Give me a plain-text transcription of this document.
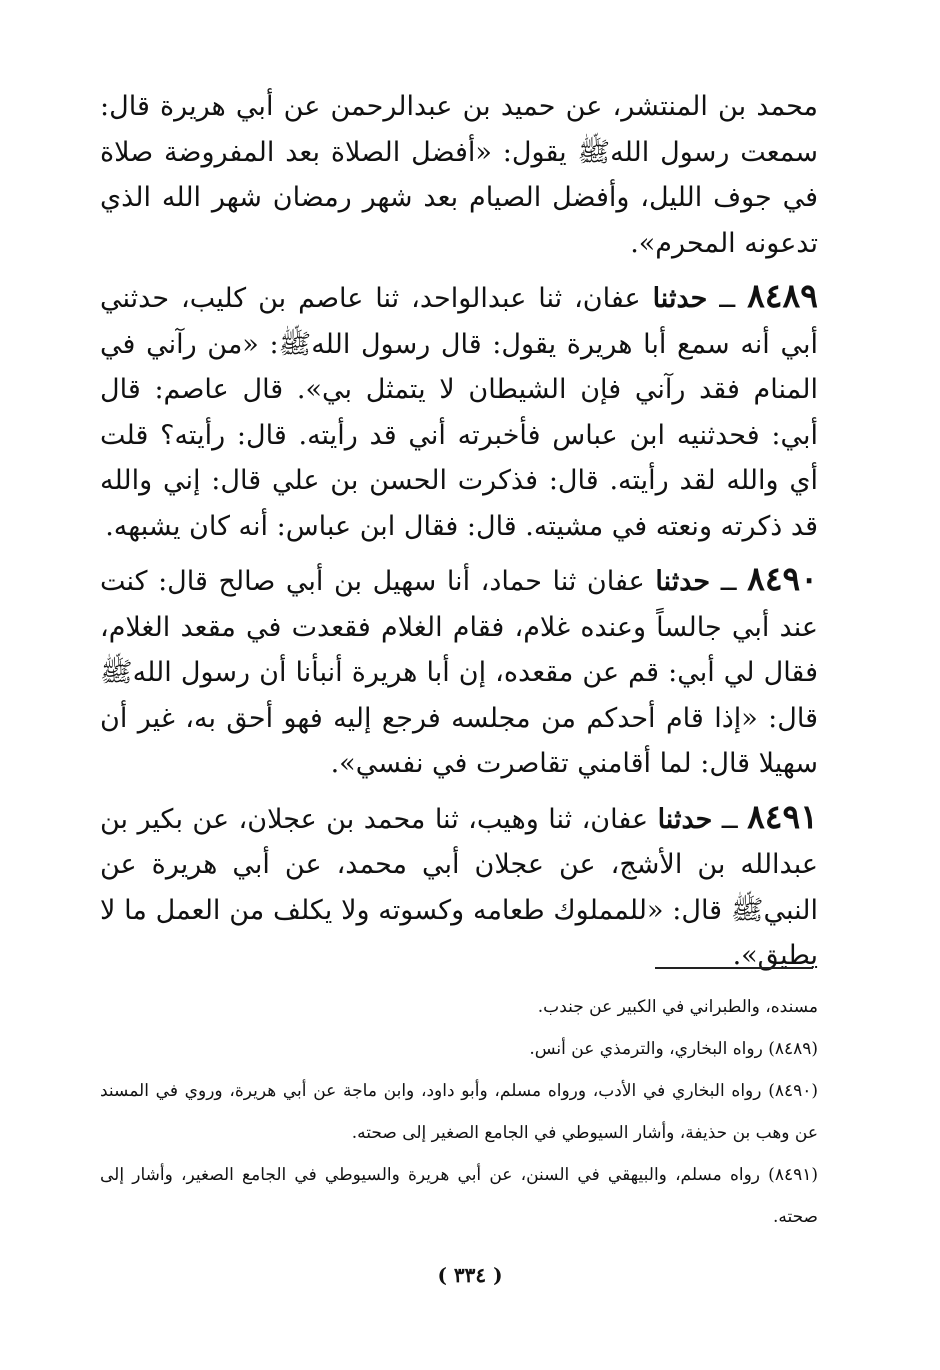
محمد بن المنتشر، عن حميد بن عبدالرحمن عن أبي هريرة قال: سمعت رسول اللهﷺ يقول: «أفضل الصلاة بعد المفروضة صلاة في جوف الليل، وأفضل الصيام بعد شهر رمضان شهر الله الذي تدعونه المحرم».

٨٤٨٩ ــ حدثنا عفان، ثنا عبدالواحد، ثنا عاصم بن كليب، حدثني أبي أنه سمع أبا هريرة يقول: قال رسول اللهﷺ: «من رآني في المنام فقد رآني فإن الشيطان لا يتمثل بي». قال عاصم: قال أبي: فحدثنيه ابن عباس فأخبرته أني قد رأيته. قال: رأيته؟ قلت أي والله لقد رأيته. قال: فذكرت الحسن بن علي قال: إني والله قد ذكرته ونعته في مشيته. قال: فقال ابن عباس: أنه كان يشبهه.

٨٤٩٠ ــ حدثنا عفان ثنا حماد، أنا سهيل بن أبي صالح قال: كنت عند أبي جالساً وعنده غلام، فقام الغلام فقعدت في مقعد الغلام، فقال لي أبي: قم عن مقعده، إن أبا هريرة أنبأنا أن رسول اللهﷺ قال: «إذا قام أحدكم من مجلسه فرجع إليه فهو أحق به، غير أن سهيلا قال: لما أقامني تقاصرت في نفسي».

٨٤٩١ ــ حدثنا عفان، ثنا وهيب، ثنا محمد بن عجلان، عن بكير بن عبدالله بن الأشج، عن عجلان أبي محمد، عن أبي هريرة عن النبيﷺ قال: «للمملوك طعامه وكسوته ولا يكلف من العمل ما لا يطيق».

مسنده، والطبراني في الكبير عن جندب.

(٨٤٨٩) رواه البخاري، والترمذي عن أنس.

(٨٤٩٠) رواه البخاري في الأدب، ورواه مسلم، وأبو داود، وابن ماجة عن أبي هريرة، وروي في المسند عن وهب بن حذيفة، وأشار السيوطي في الجامع الصغير إلى صحته.

(٨٤٩١) رواه مسلم، والبيهقي في السنن، عن أبي هريرة والسيوطي في الجامع الصغير، وأشار إلى صحته.

( ٣٣٤ )
